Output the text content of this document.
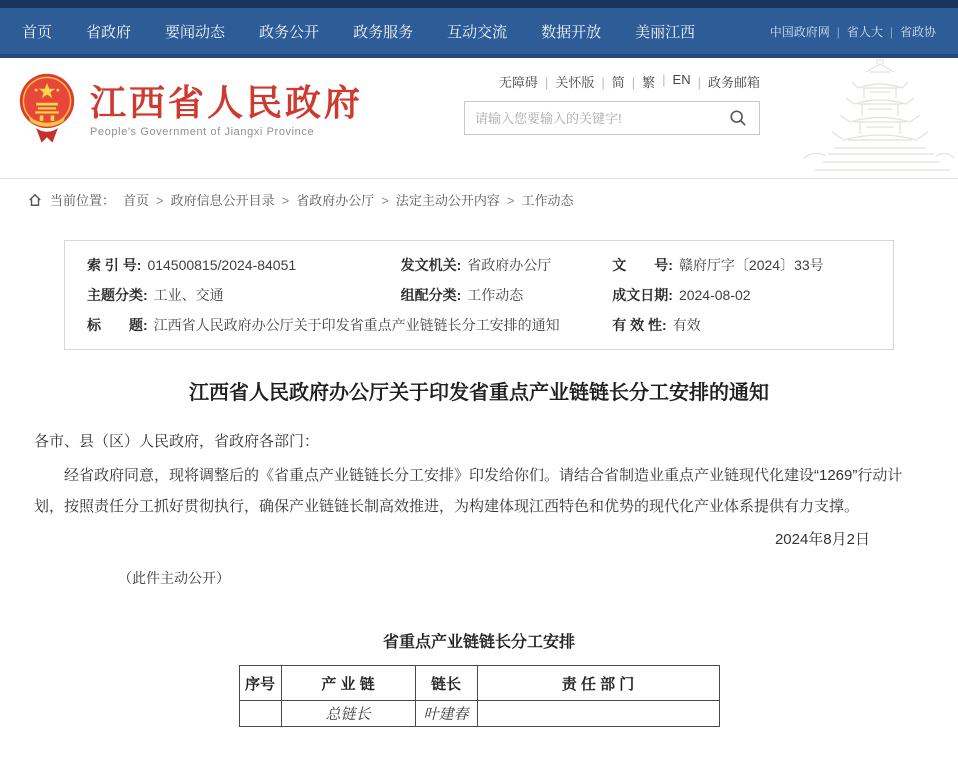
首页 省政府 要闻动态 政务公开 政务服务 互动交流 数据开放 美丽江西	中国政府网	| 省人大	| 省政协
江西省人民政府
People's Government of Jiangxi Province
无障碍	| 关怀版	| 简	| 繁	| EN	| 政务邮箱
请输入您要输入的关键字!
当前位置： 首页	> 政府信息公开目录	> 省政府办公厅	> 法定主动公开内容	> 工作动态
索 引 号: 014500815/2024-84051	发文机关: 省政府办公厅	文　　号: 赣府厅字〔2024〕33号
主题分类: 工业、交通	组配分类: 工作动态	成文日期: 2024-08-02
标　　题: 江西省人民政府办公厅关于印发省重点产业链链长分工安排的通知	有 效 性: 有效
江西省人民政府办公厅关于印发省重点产业链链长分工安排的通知

各市、县（区）人民政府，省政府各部门：

经省政府同意，现将调整后的《省重点产业链链长分工安排》印发给你们。请结合省制造业重点产业链现代化建设“1269”行动计划，按照责任分工抓好贯彻执行，确保产业链链长制高效推进，为构建体现江西特色和优势的现代化产业体系提供有力支撑。

2024年8月2日

（此件主动公开）

省重点产业链链长分工安排
序号	产 业 链	链长	责 任 部 门
	总链长	叶建春	
